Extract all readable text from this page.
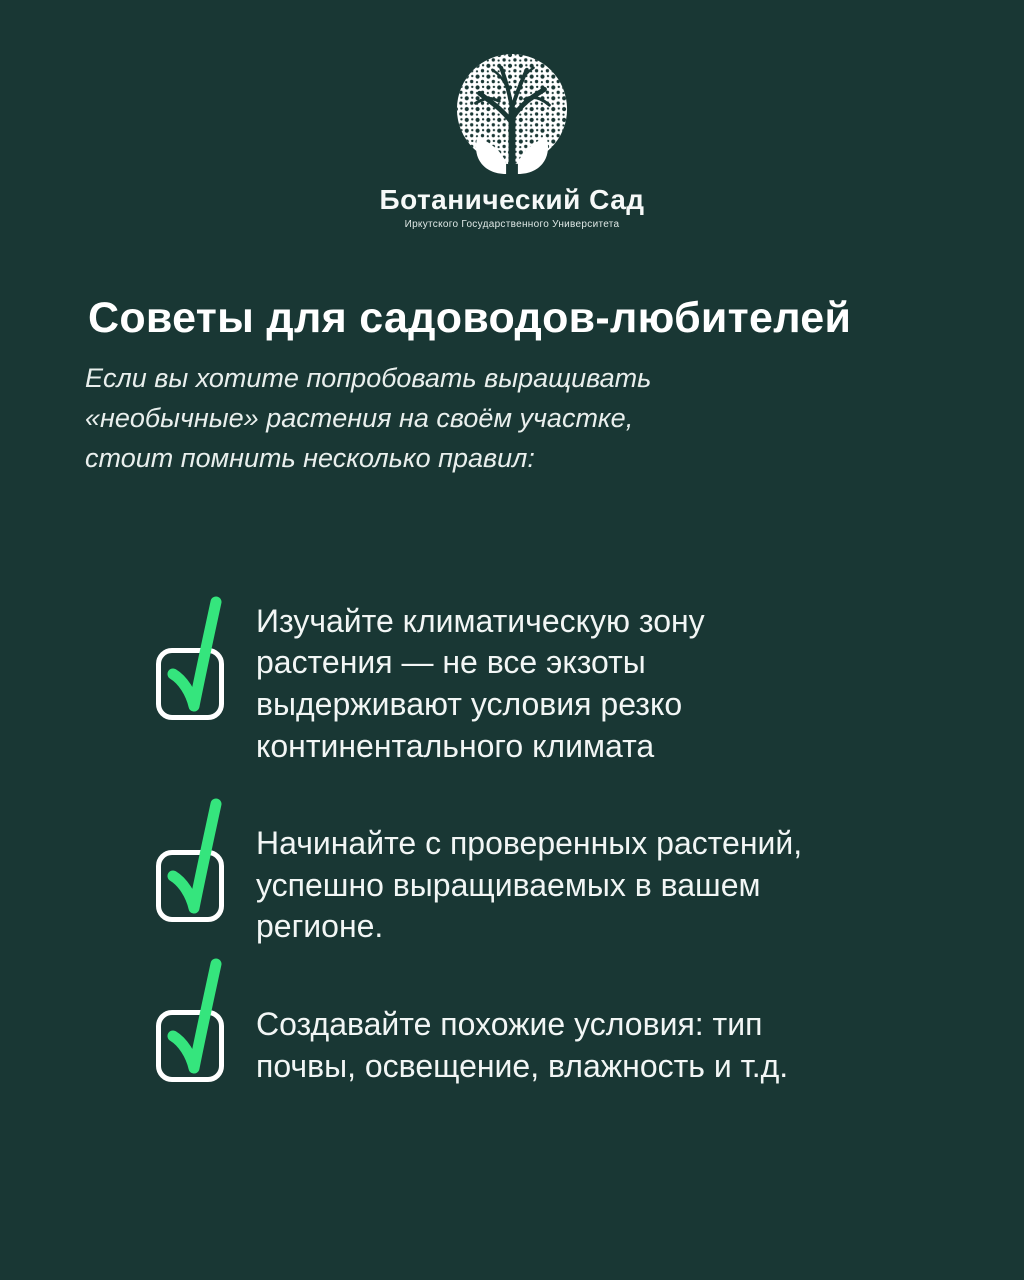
Ботанический Сад
Иркутского Государственного Университета
Советы для садоводов-любителей

Если вы хотите попробовать выращивать «необычные» растения на своём участке, стоит помнить несколько правил:

Изучайте климатическую зону растения — не все экзоты выдерживают условия резко континентального климата

Начинайте с проверенных растений, успешно выращиваемых в вашем регионе.

Создавайте похожие условия: тип почвы, освещение, влажность и т.д.
